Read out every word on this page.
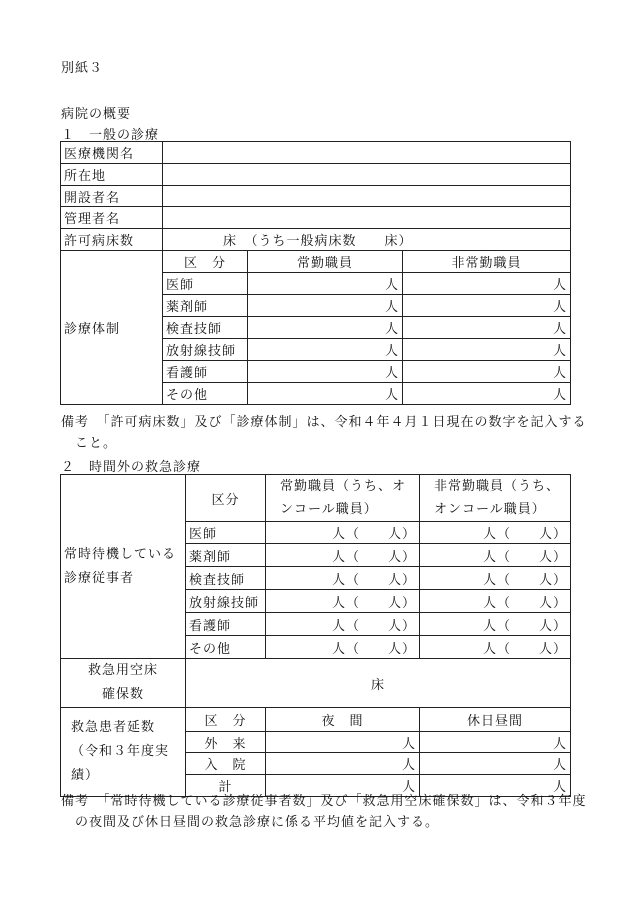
別紙３
病院の概要
１　一般の診療
医療機関名			
所在地			
開設者名			
管理者名			
許可病床数	床　（うち一般病床数　　床）		
診療体制	区　分	常勤職員	非常勤職員
	医師	人	人
	薬剤師	人	人
	検査技師	人	人
	放射線技師	人	人
	看護師	人	人
	その他	人	人
備考　「許可病床数」及び「診療体制」は、令和４年４月１日現在の数字を記入すること。
２　時間外の救急診療
常時待機している診療従事者	区分	常勤職員（うち、オンコール職員）	非常勤職員（うち、オンコール職員）
	医師	人（　　人）	人（　　人）
	薬剤師	人（　　人）	人（　　人）
	検査技師	人（　　人）	人（　　人）
	放射線技師	人（　　人）	人（　　人）
	看護師	人（　　人）	人（　　人）
	その他	人（　　人）	人（　　人）
救急用空床確保数	床		
救急患者延数（令和３年度実績）	区　分	夜　間	休日昼間
	外　来	人	人
	入　院	人	人
	計	人	人
備考　「常時待機している診療従事者数」及び「救急用空床確保数」は、令和３年度の夜間及び休日昼間の救急診療に係る平均値を記入する。
